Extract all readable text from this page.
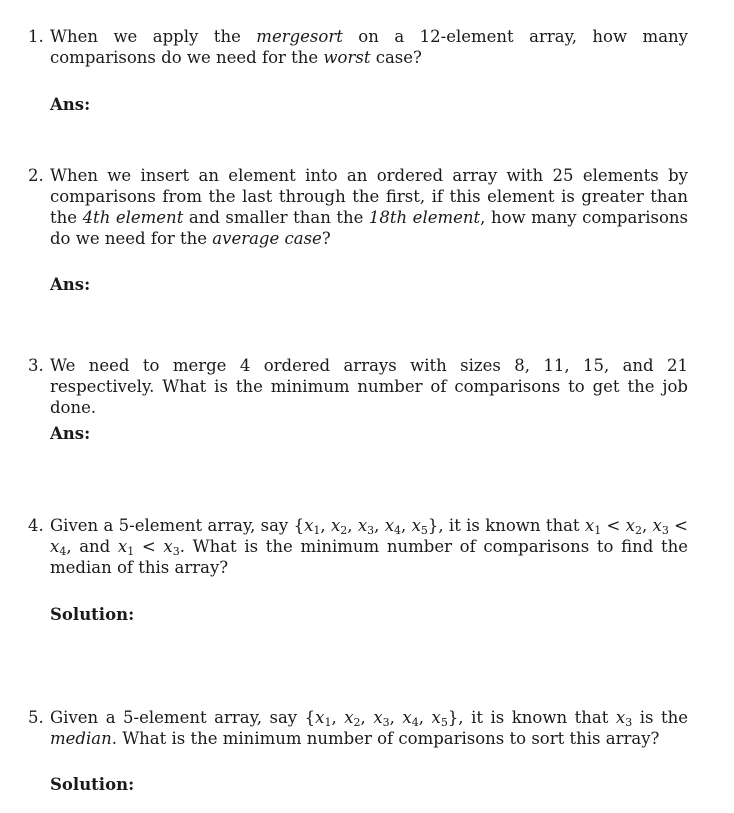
1. When we apply the mergesort on a 12-element array, how many comparisons do we need for the worst case?
Ans:
2. When we insert an element into an ordered array with 25 elements by comparisons from the last through the first, if this element is greater than the 4th element and smaller than the 18th element, how many comparisons do we need for the average case?
Ans:
3. We need to merge 4 ordered arrays with sizes 8, 11, 15, and 21 respectively. What is the minimum number of comparisons to get the job done.
Ans:
4. Given a 5-element array, say {$x_1$, $x_2$, $x_3$, $x_4$, $x_5$}, it is known that $x_1 < x_2$, $x_3 < x_4$, and $x_1 < x_3$. What is the minimum number of comparisons to find the median of this array?
Solution:
5. Given a 5-element array, say {$x_1$, $x_2$, $x_3$, $x_4$, $x_5$}, it is known that $x_3$ is the median. What is the minimum number of comparisons to sort this array?
Solution:
